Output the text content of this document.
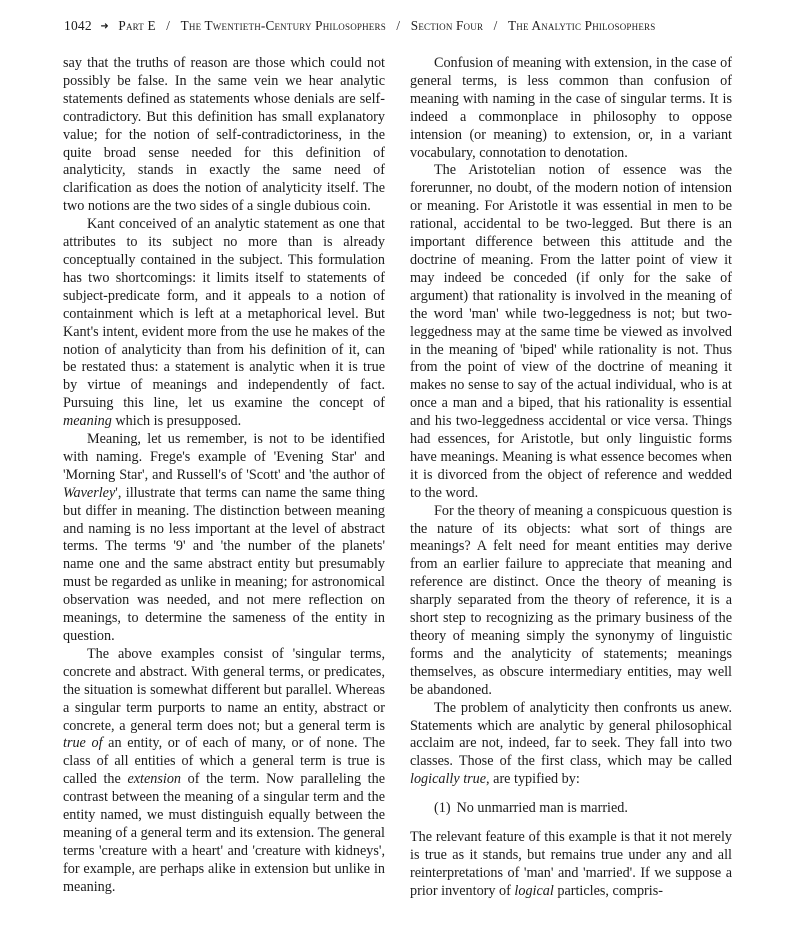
1042 ➜ Part E / The Twentieth-Century Philosophers / Section Four / The Analytic Philosophers

say that the truths of reason are those which could not possibly be false. In the same vein we hear analytic statements defined as statements whose denials are self-contradictory. But this definition has small explanatory value; for the notion of self-contradictoriness, in the quite broad sense needed for this definition of analyticity, stands in exactly the same need of clarification as does the notion of analyticity itself. The two notions are the two sides of a single dubious coin.

Kant conceived of an analytic statement as one that attributes to its subject no more than is already conceptually contained in the subject. This formulation has two shortcomings: it limits itself to statements of subject-predicate form, and it appeals to a notion of containment which is left at a metaphorical level. But Kant's intent, evident more from the use he makes of the notion of analyticity than from his definition of it, can be restated thus: a statement is analytic when it is true by virtue of meanings and independently of fact. Pursuing this line, let us examine the concept of meaning which is presupposed.

Meaning, let us remember, is not to be identified with naming. Frege's example of 'Evening Star' and 'Morning Star', and Russell's of 'Scott' and 'the author of Waverley', illustrate that terms can name the same thing but differ in meaning. The distinction between meaning and naming is no less important at the level of abstract terms. The terms '9' and 'the number of the planets' name one and the same abstract entity but presumably must be regarded as unlike in meaning; for astronomical observation was needed, and not mere reflection on meanings, to determine the sameness of the entity in question.

The above examples consist of 'singular terms, concrete and abstract. With general terms, or predicates, the situation is somewhat different but parallel. Whereas a singular term purports to name an entity, abstract or concrete, a general term does not; but a general term is true of an entity, or of each of many, or of none. The class of all entities of which a general term is true is called the extension of the term. Now paralleling the contrast between the meaning of a singular term and the entity named, we must distinguish equally between the meaning of a general term and its extension. The general terms 'creature with a heart' and 'creature with kidneys', for example, are perhaps alike in extension but unlike in meaning.

Confusion of meaning with extension, in the case of general terms, is less common than confusion of meaning with naming in the case of singular terms. It is indeed a commonplace in philosophy to oppose intension (or meaning) to extension, or, in a variant vocabulary, connotation to denotation.

The Aristotelian notion of essence was the forerunner, no doubt, of the modern notion of intension or meaning. For Aristotle it was essential in men to be rational, accidental to be two-legged. But there is an important difference between this attitude and the doctrine of meaning. From the latter point of view it may indeed be conceded (if only for the sake of argument) that rationality is involved in the meaning of the word 'man' while two-leggedness is not; but two-leggedness may at the same time be viewed as involved in the meaning of 'biped' while rationality is not. Thus from the point of view of the doctrine of meaning it makes no sense to say of the actual individual, who is at once a man and a biped, that his rationality is essential and his two-leggedness accidental or vice versa. Things had essences, for Aristotle, but only linguistic forms have meanings. Meaning is what essence becomes when it is divorced from the object of reference and wedded to the word.

For the theory of meaning a conspicuous question is the nature of its objects: what sort of things are meanings? A felt need for meant entities may derive from an earlier failure to appreciate that meaning and reference are distinct. Once the theory of meaning is sharply separated from the theory of reference, it is a short step to recognizing as the primary business of the theory of meaning simply the synonymy of linguistic forms and the analyticity of statements; meanings themselves, as obscure intermediary entities, may well be abandoned.

The problem of analyticity then confronts us anew. Statements which are analytic by general philosophical acclaim are not, indeed, far to seek. They fall into two classes. Those of the first class, which may be called logically true, are typified by:

(1) No unmarried man is married.

The relevant feature of this example is that it not merely is true as it stands, but remains true under any and all reinterpretations of 'man' and 'married'. If we suppose a prior inventory of logical particles, compris-
